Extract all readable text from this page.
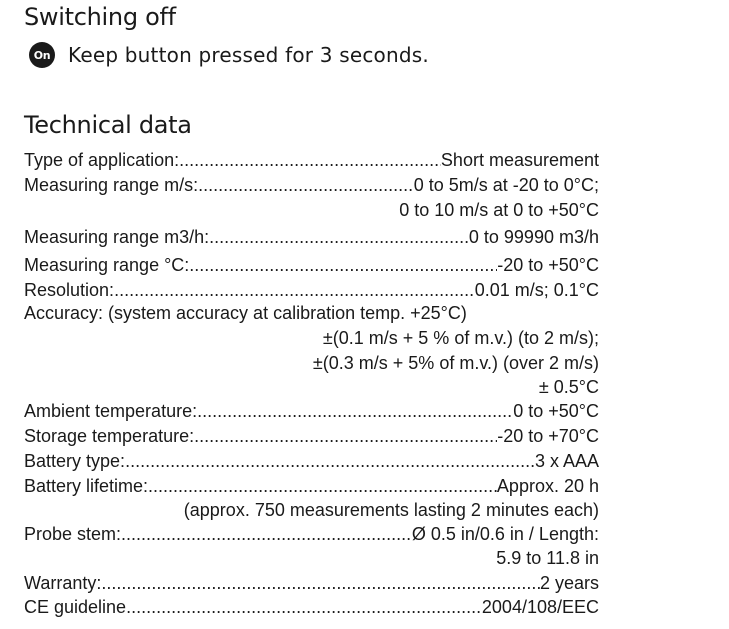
Switching off
On Keep button pressed for 3 seconds.
Technical data
Type of application: .....	Short measurement
Measuring range m/s: .....	0 to 5m/s at -20 to 0°C;
0 to 10 m/s at 0 to +50°C
Measuring range m3/h: .....	0 to 99990 m3/h
Measuring range °C: .....	-20 to +50°C
Resolution: .....	0.01 m/s; 0.1°C
Accuracy: (system accuracy at calibration temp. +25°C)
±(0.1 m/s + 5 % of m.v.) (to 2 m/s);
±(0.3 m/s + 5% of m.v.) (over 2 m/s)
± 0.5°C
Ambient temperature: .....	0 to +50°C
Storage temperature: .....	-20 to +70°C
Battery type: .....	3 x AAA
Battery lifetime: .....	Approx. 20 h
(approx. 750 measurements lasting 2 minutes each)
Probe stem: .....	Ø 0.5 in/0.6 in / Length:
5.9 to 11.8 in
Warranty: .....	2 years
CE guideline .....	2004/108/EEC
